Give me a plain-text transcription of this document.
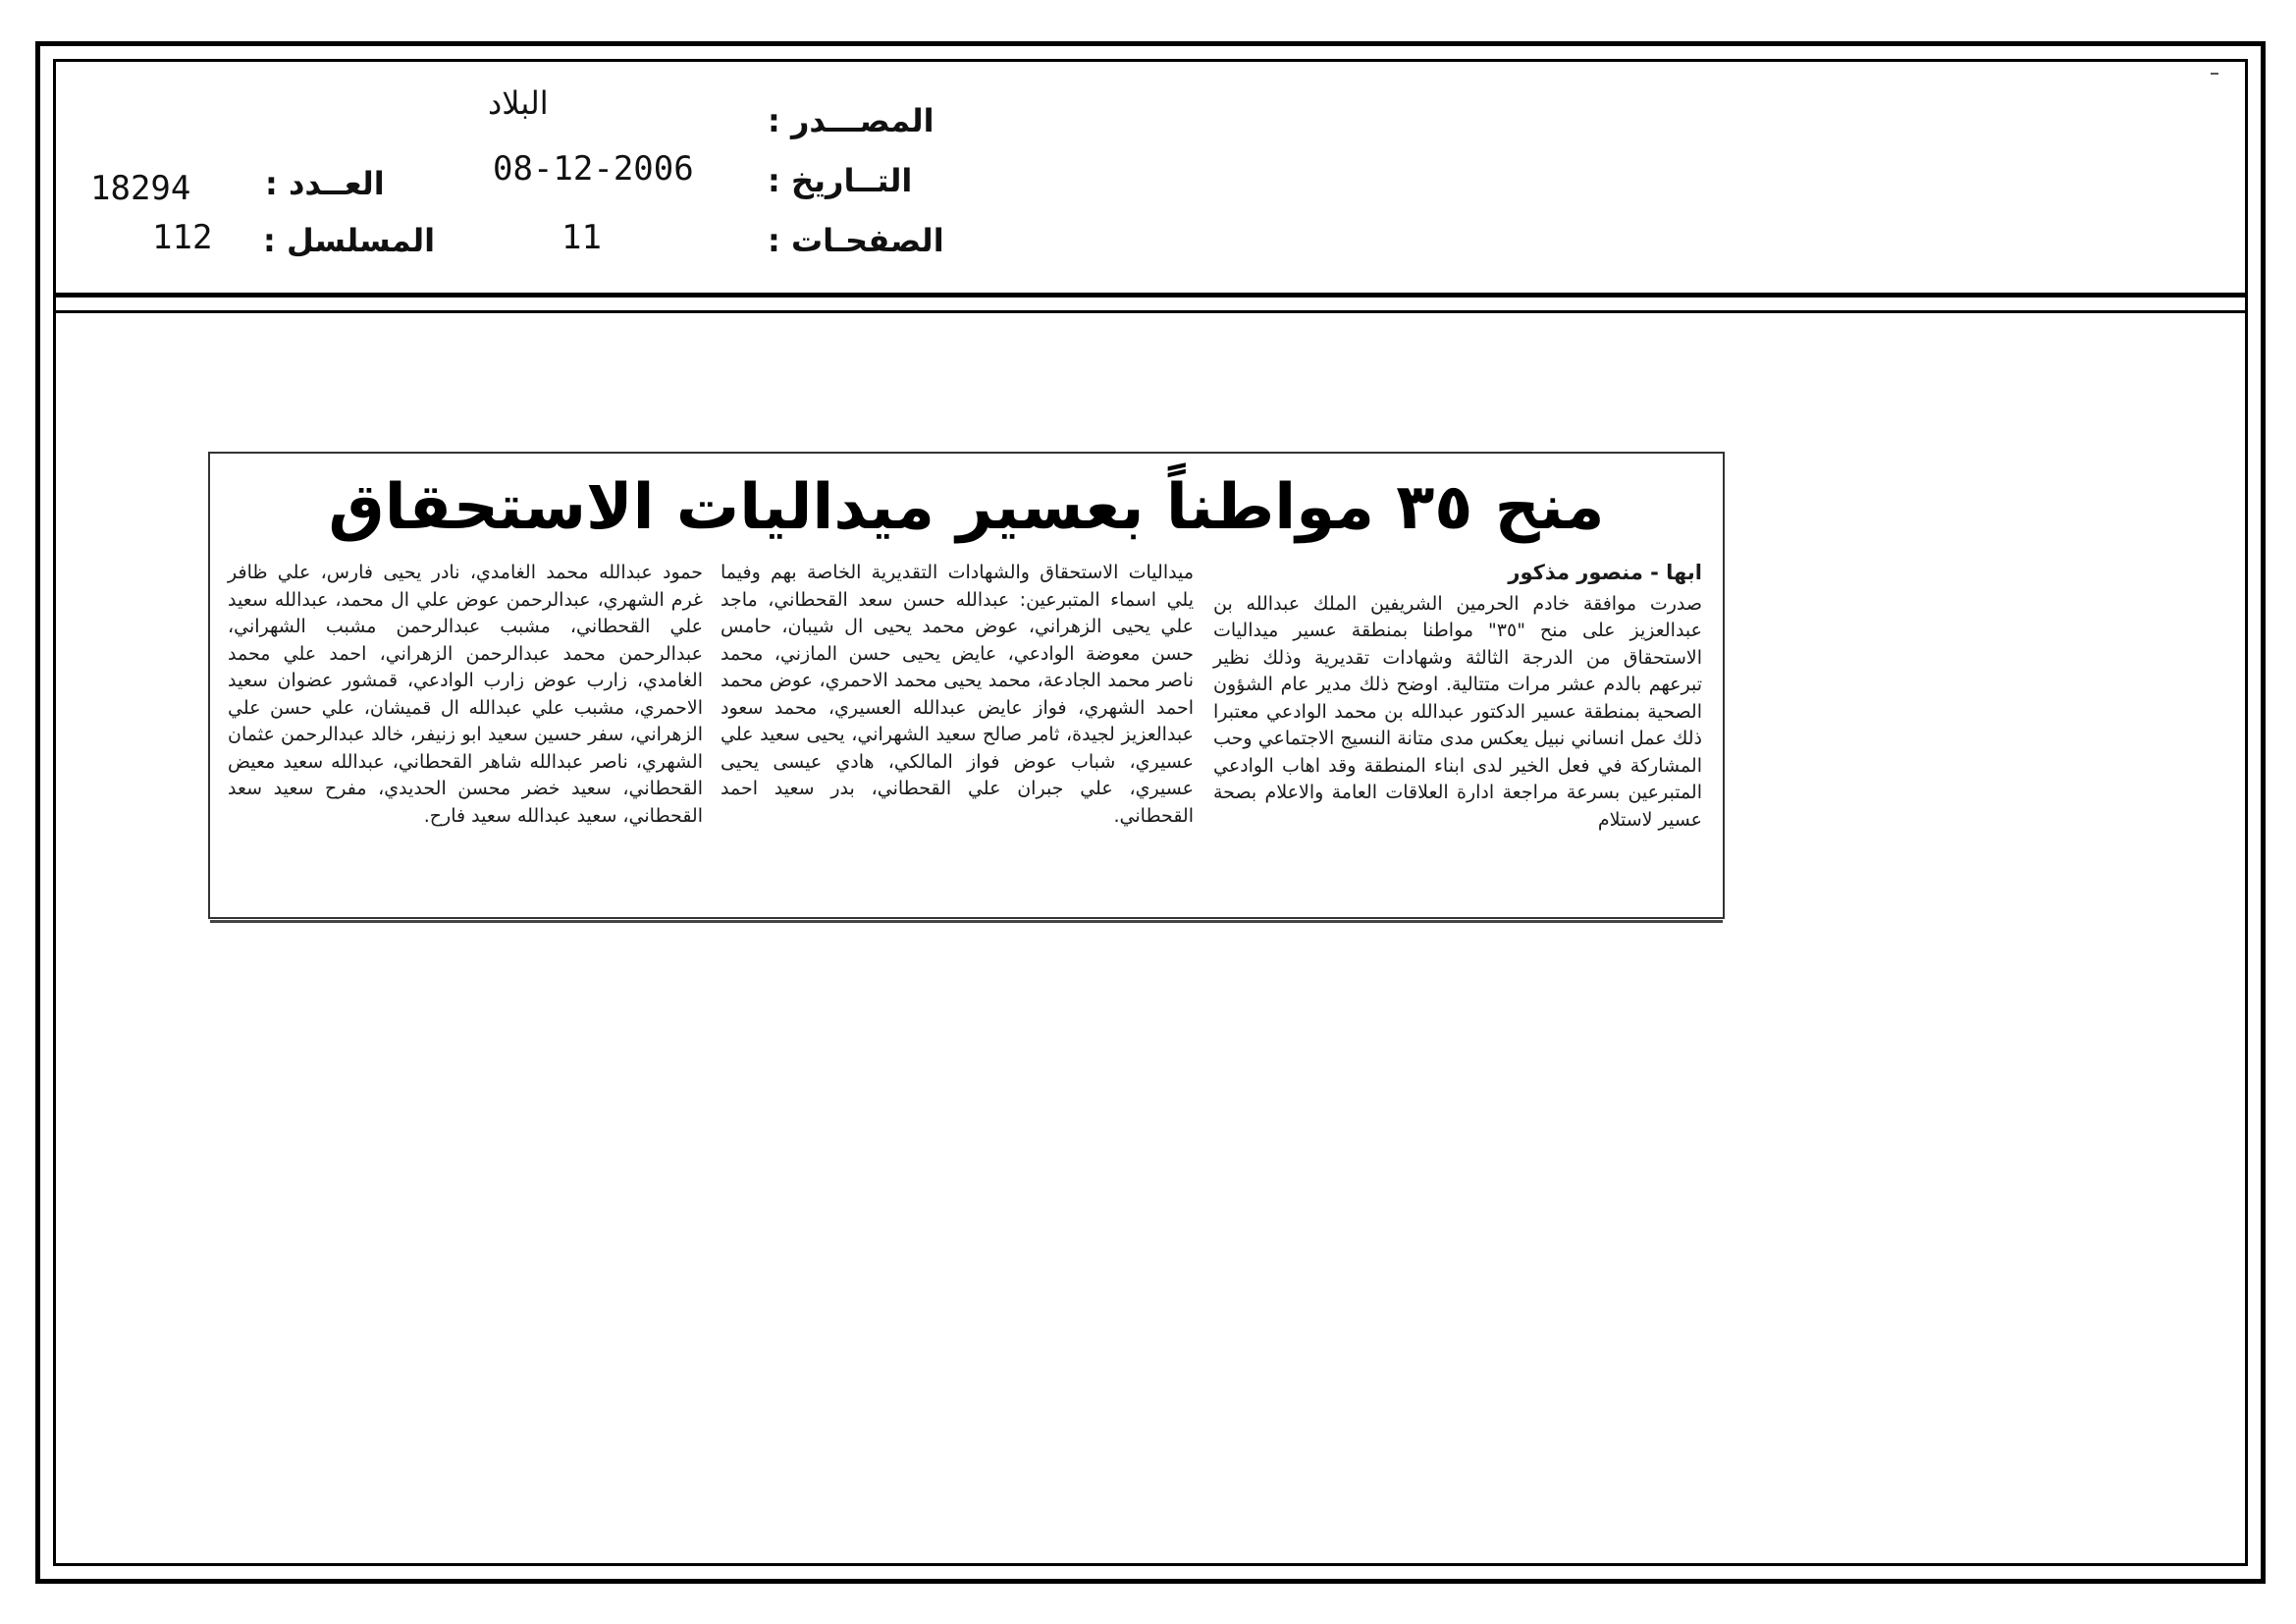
المصـــدر :
البلاد
التــاريخ :
08-12-2006
الصفحـات :
11
العــدد :
18294
المسلسل :
112
منح ٣٥ مواطناً بعسير ميداليات الاستحقاق

ابها - منصور مذكور

صدرت موافقة خادم الحرمين الشريفين الملك عبدالله بن عبدالعزيز على منح "٣٥" مواطنا بمنطقة عسير ميداليات الاستحقاق من الدرجة الثالثة وشهادات تقديرية وذلك نظير تبرعهم بالدم عشر مرات متتالية. اوضح ذلك مدير عام الشؤون الصحية بمنطقة عسير الدكتور عبدالله بن محمد الوادعي معتبرا ذلك عمل انساني نبيل يعكس مدى متانة النسيج الاجتماعي وحب المشاركة في فعل الخير لدى ابناء المنطقة وقد اهاب الوادعي المتبرعين بسرعة مراجعة ادارة العلاقات العامة والاعلام بصحة عسير لاستلام

ميداليات الاستحقاق والشهادات التقديرية الخاصة بهم وفيما يلي اسماء المتبرعين: عبدالله حسن سعد القحطاني، ماجد علي يحيى الزهراني، عوض محمد يحيى ال شيبان، حامس حسن معوضة الوادعي، عايض يحيى حسن المازني، محمد ناصر محمد الجادعة، محمد يحيى محمد الاحمري، عوض محمد احمد الشهري، فواز عايض عبدالله العسيري، محمد سعود عبدالعزيز لجيدة، ثامر صالح سعيد الشهراني، يحيى سعيد علي عسيري، شباب عوض فواز المالكي، هادي عيسى يحيى عسيري، علي جبران علي القحطاني، بدر سعيد احمد القحطاني.

حمود عبدالله محمد الغامدي، نادر يحيى فارس، علي ظافر غرم الشهري، عبدالرحمن عوض علي ال محمد، عبدالله سعيد علي القحطاني، مشبب عبدالرحمن مشبب الشهراني، عبدالرحمن محمد عبدالرحمن الزهراني، احمد علي محمد الغامدي، زارب عوض زارب الوادعي، قمشور عضوان سعيد الاحمري، مشبب علي عبدالله ال قميشان، علي حسن علي الزهراني، سفر حسين سعيد ابو زنيفر، خالد عبدالرحمن عثمان الشهري، ناصر عبدالله شاهر القحطاني، عبدالله سعيد معيض القحطاني، سعيد خضر محسن الحديدي، مفرح سعيد سعد القحطاني، سعيد عبدالله سعيد فارح.
